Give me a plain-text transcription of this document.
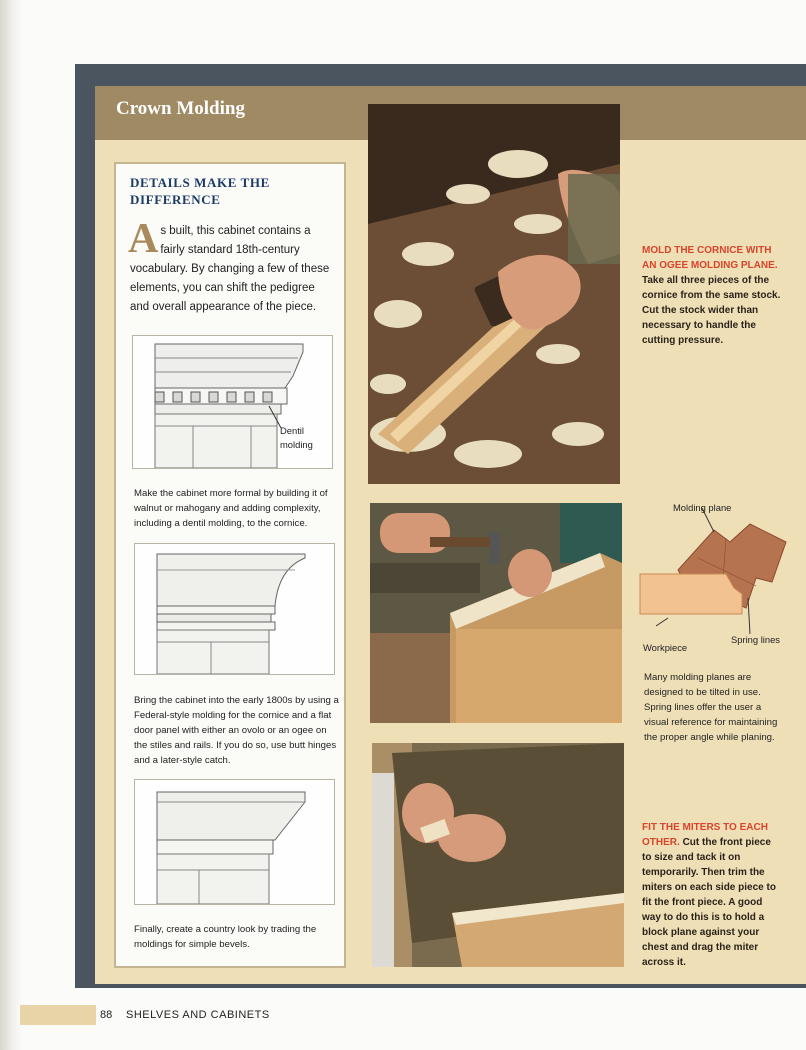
Crown Molding
DETAILS MAKE THE DIFFERENCE

As built, this cabinet contains a fairly standard 18th-century vocabulary. By changing a few of these elements, you can shift the pedigree and overall appearance of the piece.

Dentil molding

Make the cabinet more formal by building it of walnut or mahogany and adding complexity, including a dentil molding, to the cornice.

Bring the cabinet into the early 1800s by using a Federal-style molding for the cornice and a flat door panel with either an ovolo or an ogee on the stiles and rails. If you do so, use butt hinges and a later-style catch.

Finally, create a country look by trading the moldings for simple bevels.

MOLD THE CORNICE WITH AN OGEE MOLDING PLANE. Take all three pieces of the cornice from the same stock. Cut the stock wider than necessary to handle the cutting pressure.

Molding plane

Workpiece

Spring lines

Many molding planes are designed to be tilted in use. Spring lines offer the user a visual reference for maintaining the proper angle while planing.

FIT THE MITERS TO EACH OTHER. Cut the front piece to size and tack it on temporarily. Then trim the miters on each side piece to fit the front piece. A good way to do this is to hold a block plane against your chest and drag the miter across it.

88 SHELVES AND CABINETS
